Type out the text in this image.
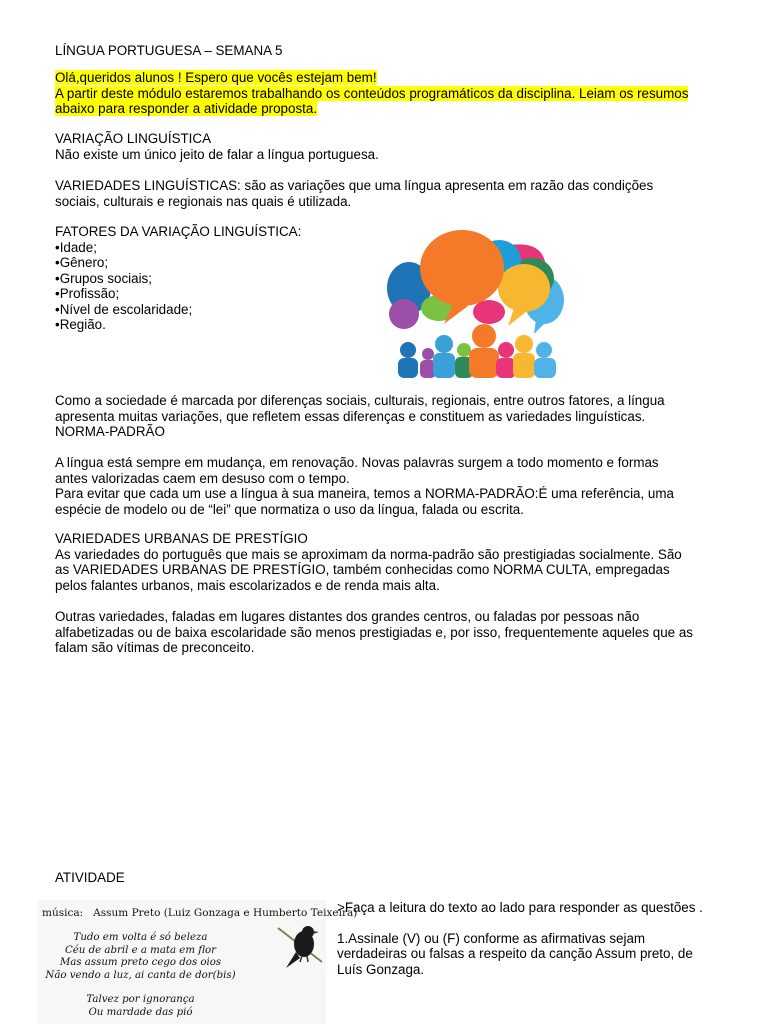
LÍNGUA PORTUGUESA – SEMANA 5
Olá,queridos alunos ! Espero que vocês estejam bem!
A partir deste módulo estaremos trabalhando os conteúdos programáticos da disciplina. Leiam os resumos
abaixo para responder a atividade proposta.
VARIAÇÃO LINGUÍSTICA
Não existe um único jeito de falar a língua portuguesa.
VARIEDADES LINGUÍSTICAS: são as variações que uma língua apresenta em razão das condições
sociais, culturais e regionais nas quais é utilizada.
FATORES DA VARIAÇÃO LINGUÍSTICA:
•Idade;
•Gênero;
•Grupos sociais;
•Profissão;
•Nível de escolaridade;
•Região.
Como a sociedade é marcada por diferenças sociais, culturais, regionais, entre outros fatores, a língua
apresenta muitas variações, que refletem essas diferenças e constituem as variedades linguísticas.
NORMA-PADRÃO
A língua está sempre em mudança, em renovação. Novas palavras surgem a todo momento e formas
antes valorizadas caem em desuso com o tempo.
Para evitar que cada um use a língua à sua maneira, temos a NORMA-PADRÃO:É uma referência, uma
espécie de modelo ou de “lei” que normatiza o uso da língua, falada ou escrita.
VARIEDADES URBANAS DE PRESTÍGIO
As variedades do português que mais se aproximam da norma-padrão são prestigiadas socialmente. São
as VARIEDADES URBANAS DE PRESTÍGIO, também conhecidas como NORMA CULTA, empregadas
pelos falantes urbanos, mais escolarizados e de renda mais alta.
Outras variedades, faladas em lugares distantes dos grandes centros, ou faladas por pessoas não
alfabetizadas ou de baixa escolaridade são menos prestigiadas e, por isso, frequentemente aqueles que as
falam são vítimas de preconceito.
ATIVIDADE
música: Assum Preto (Luiz Gonzaga e Humberto Teixeira)
Tudo em volta é só beleza
Céu de abril e a mata em flor
Mas assum preto cego dos oios
Não vendo a luz, ai canta de dor(bis)
Talvez por ignorança
Ou mardade das pió
>Faça a leitura do texto ao lado para responder as questões .
1.Assinale (V) ou (F) conforme as afirmativas sejam
verdadeiras ou falsas a respeito da canção Assum preto, de
Luís Gonzaga.
